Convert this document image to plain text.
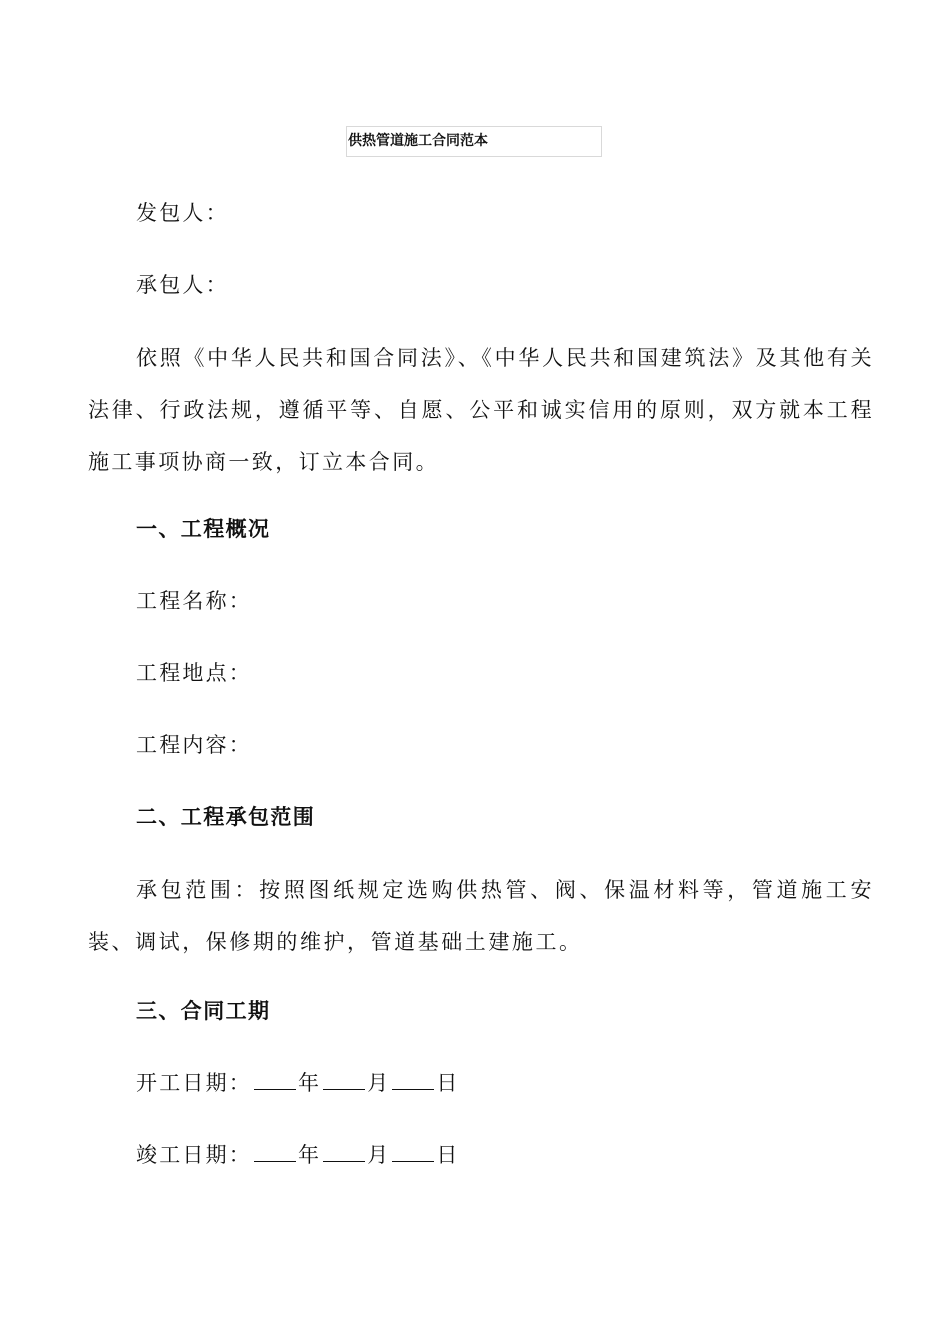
供热管道施工合同范本
发包人：
承包人：
依照《中华人民共和国合同法》、《中华人民共和国建筑法》及其他有关法律、行政法规，遵循平等、自愿、公平和诚实信用的原则，双方就本工程施工事项协商一致，订立本合同。
一、工程概况
工程名称：
工程地点：
工程内容：
二、工程承包范围
承包范围：按照图纸规定选购供热管、阀、保温材料等，管道施工安装、调试，保修期的维护，管道基础土建施工。
三、合同工期
开工日期： 年 月 日
竣工日期： 年 月 日
